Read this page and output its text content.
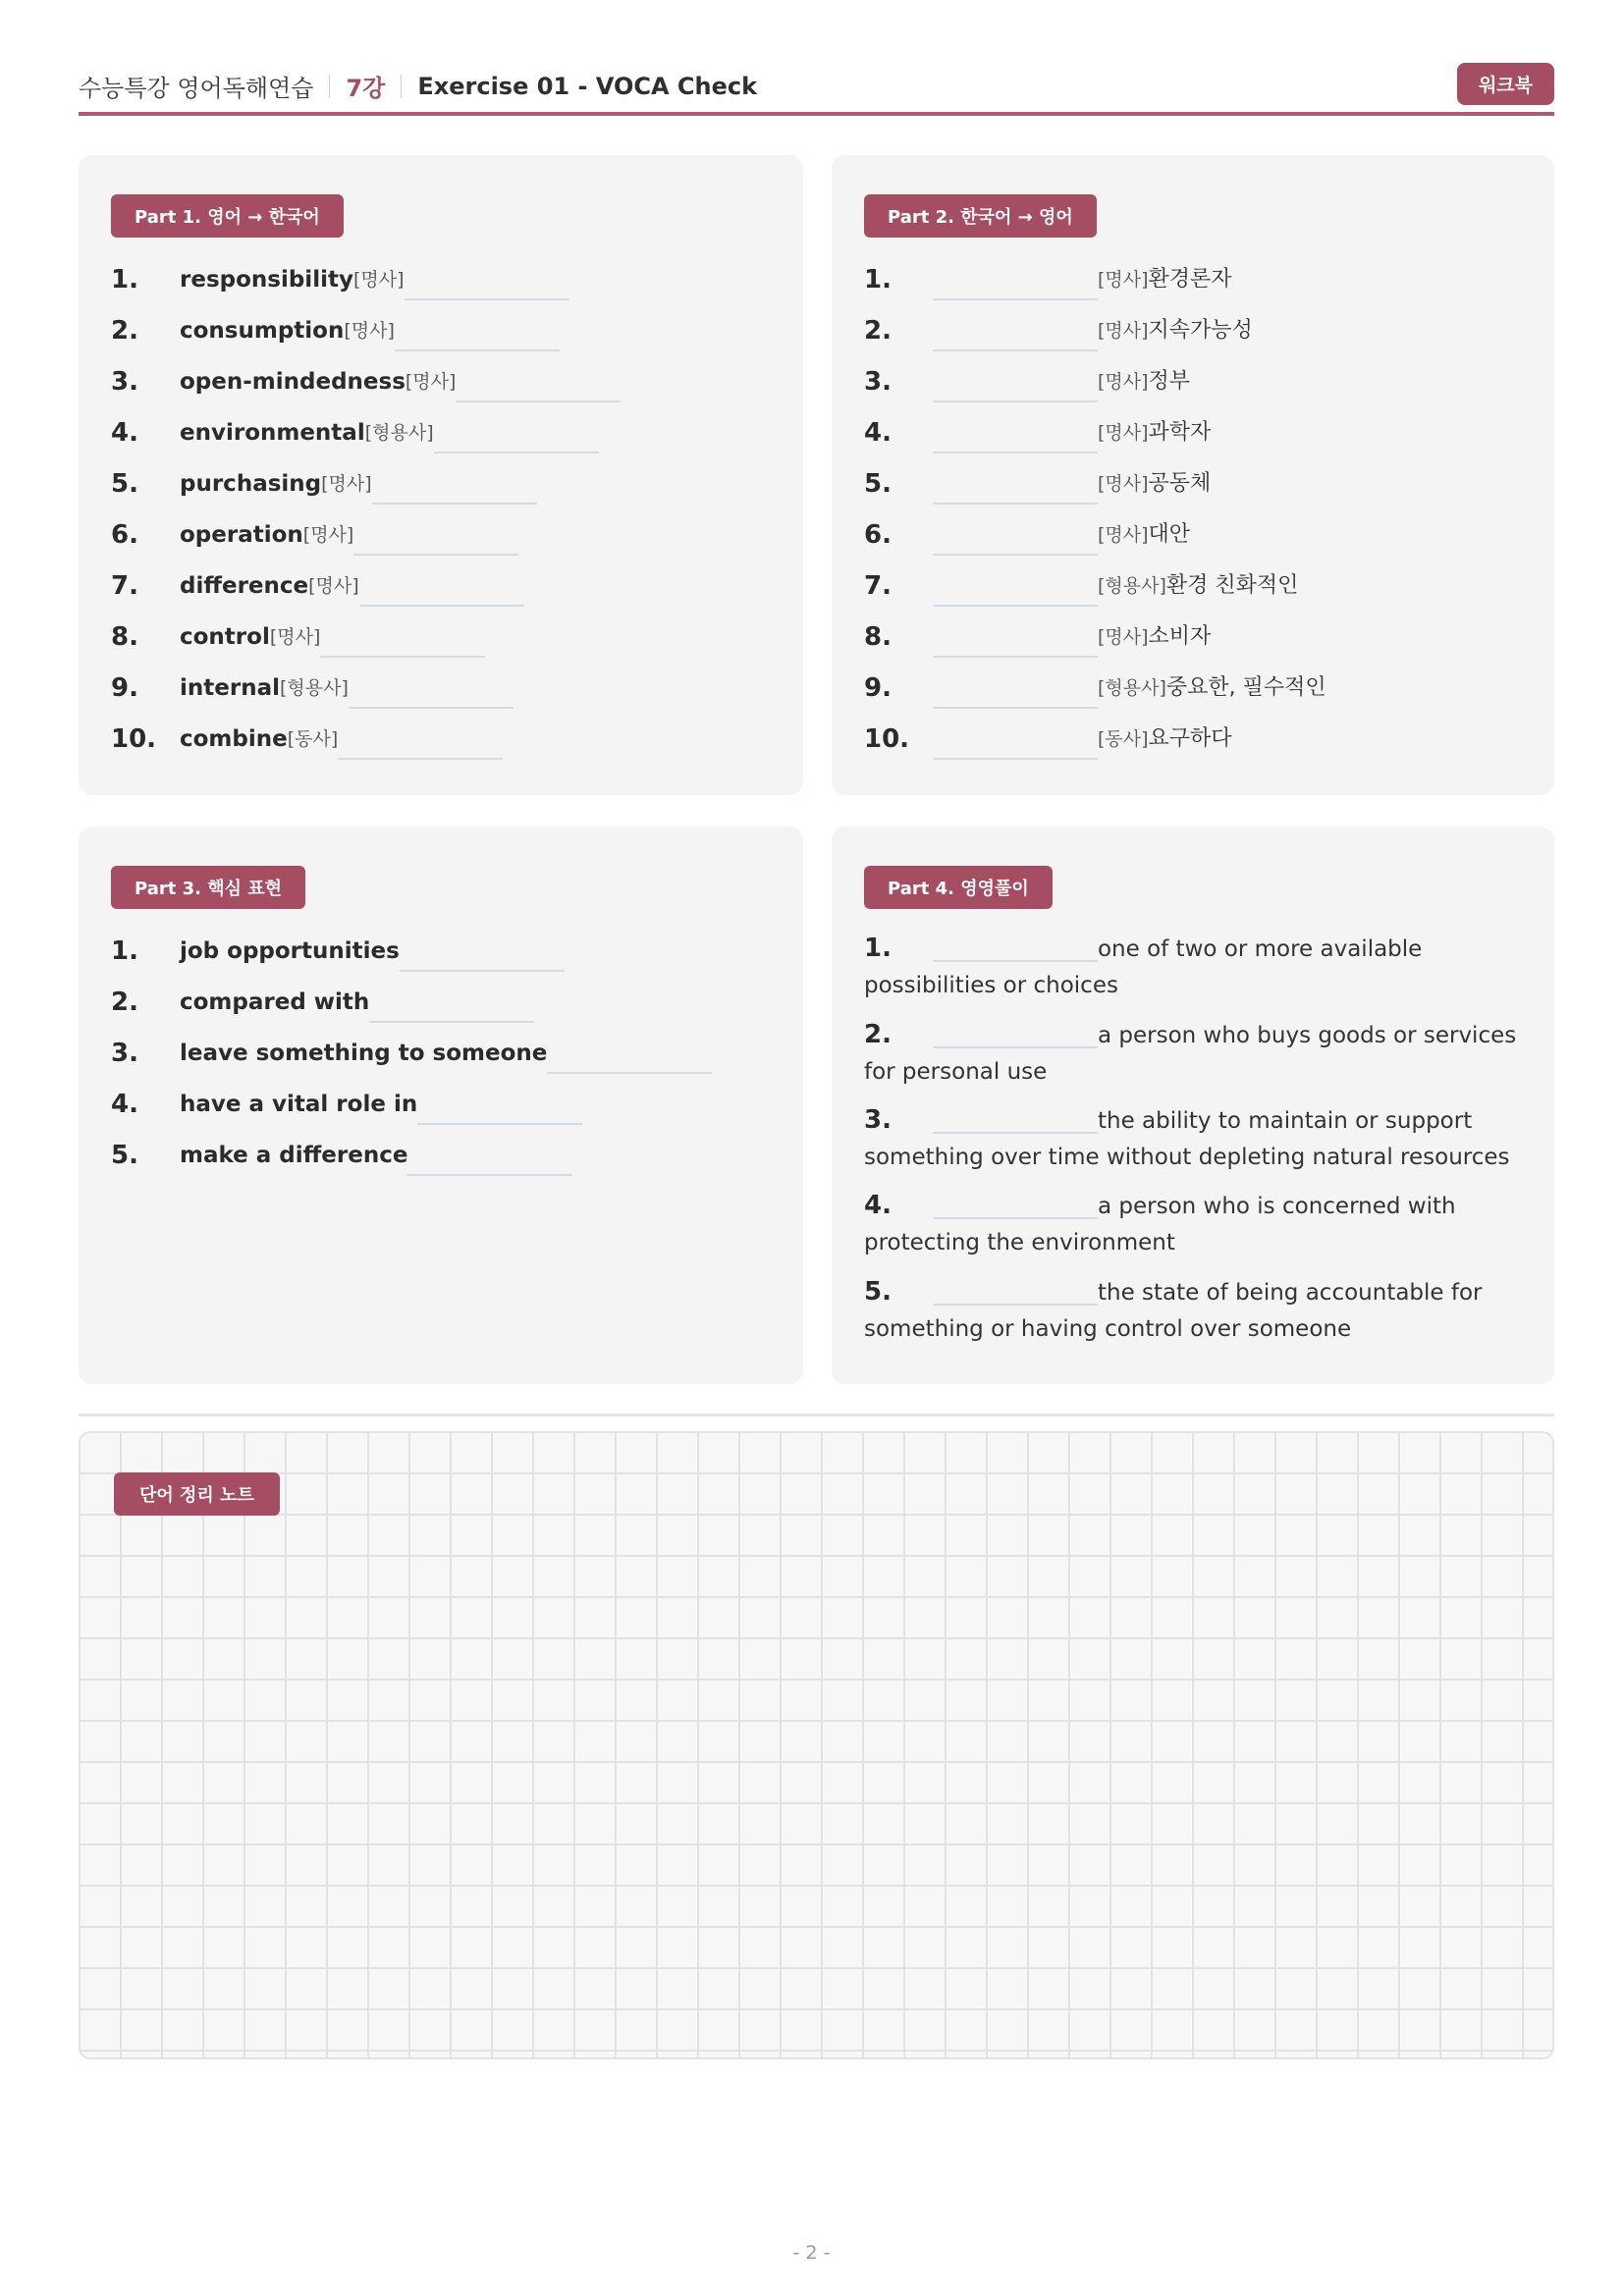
수능특강 영어독해연습 7강 Exercise 01 - VOCA Check	워크북
Part 1. 영어 → 한국어
1. responsibility [명사]
2. consumption [명사]
3. open-mindedness [명사]
4. environmental [형용사]
5. purchasing [명사]
6. operation [명사]
7. difference [명사]
8. control [명사]
9. internal [형용사]
10. combine [동사]
Part 2. 한국어 → 영어
1.	[명사] 환경론자
2.	[명사] 지속가능성
3.	[명사] 정부
4.	[명사] 과학자
5.	[명사] 공동체
6.	[명사] 대안
7.	[형용사] 환경 친화적인
8.	[명사] 소비자
9.	[형용사] 중요한, 필수적인
10.	[동사] 요구하다
Part 3. 핵심 표현
1. job opportunities
2. compared with
3. leave something to someone
4. have a vital role in
5. make a difference
Part 4. 영영풀이
1.	one of two or more available possibilities or choices
2.	a person who buys goods or services for personal use
3.	the ability to maintain or support something over time without depleting natural resources
4.	a person who is concerned with protecting the environment
5.	the state of being accountable for something or having control over someone
단어 정리 노트
- 2 -
